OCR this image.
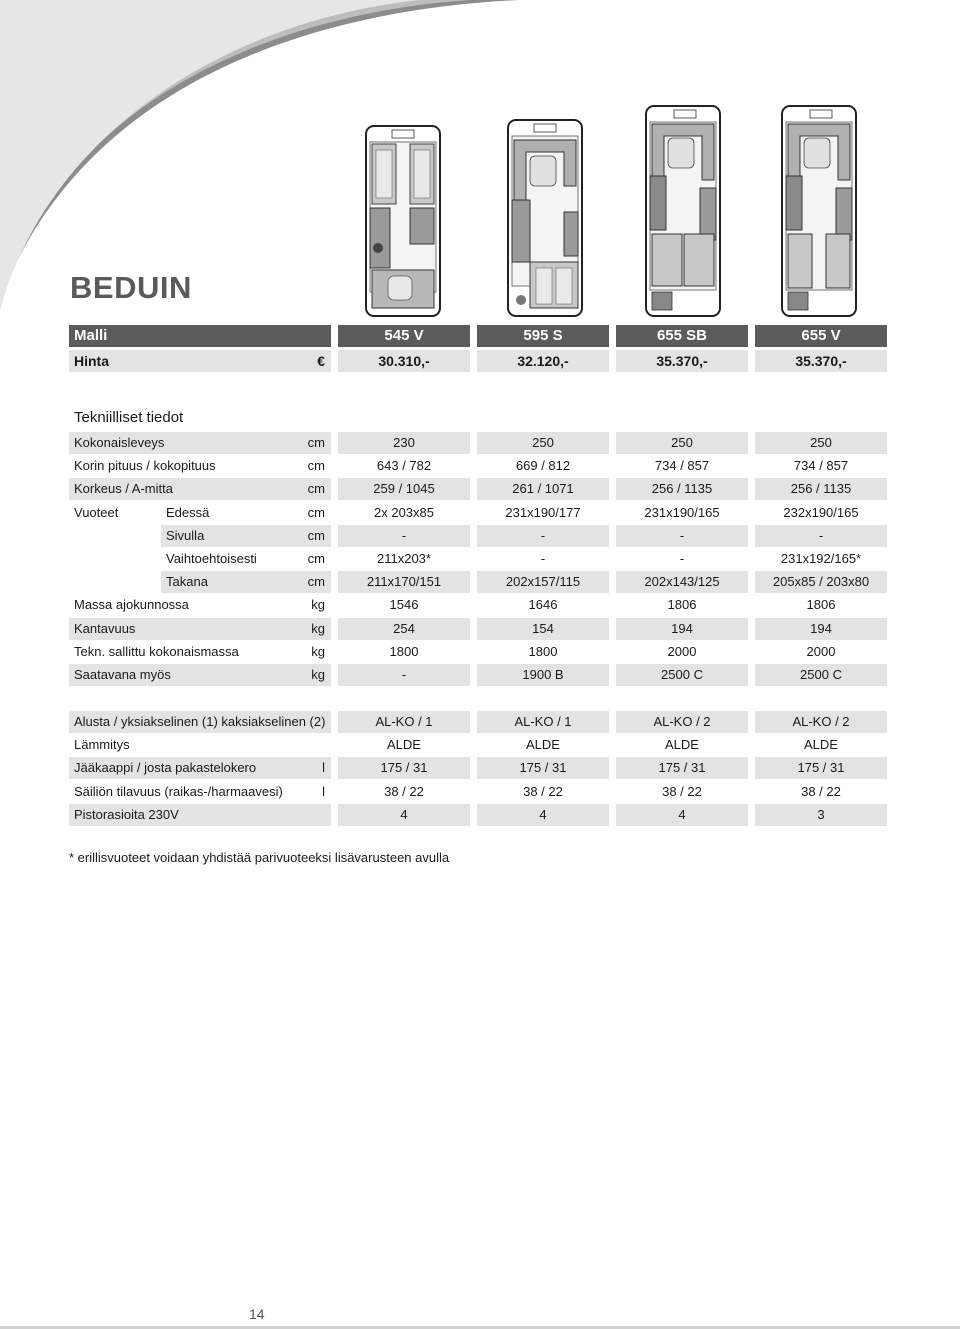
BEDUIN
Malli	545 V	595 S	655 SB	655 V
Hinta	€	30.310,-	32.120,-	35.370,-	35.370,-
Tekniilliset tiedot
Kokonaisleveys	cm	230	250	250	250
Korin pituus / kokopituus	cm	643 / 782	669 / 812	734 / 857	734 / 857
Korkeus / A-mitta	cm	259 / 1045	261 / 1071	256 / 1135	256 / 1135
Vuoteet	Edessä	cm	2x 203x85	231x190/177	231x190/165	232x190/165
Sivulla	cm	-	-	-	-
Vaihtoehtoisesti	cm	211x203*	-	-	231x192/165*
Takana	cm	211x170/151	202x157/115	202x143/125	205x85 / 203x80
Massa ajokunnossa	kg	1546	1646	1806	1806
Kantavuus	kg	254	154	194	194
Tekn. sallittu kokonaismassa	kg	1800	1800	2000	2000
Saatavana myös	kg	-	1900 B	2500 C	2500 C
Alusta / yksiakselinen (1) kaksiakselinen (2)	AL-KO / 1	AL-KO / 1	AL-KO / 2	AL-KO / 2
Lämmitys	ALDE	ALDE	ALDE	ALDE
Jääkaappi / josta pakastelokero	l	175 / 31	175 / 31	175 / 31	175 / 31
Säiliön tilavuus (raikas-/harmaavesi)	l	38 / 22	38 / 22	38 / 22	38 / 22
Pistorasioita 230V	4	4	4	3

* erillisvuoteet voidaan yhdistää parivuoteeksi lisävarusteen avulla

14
